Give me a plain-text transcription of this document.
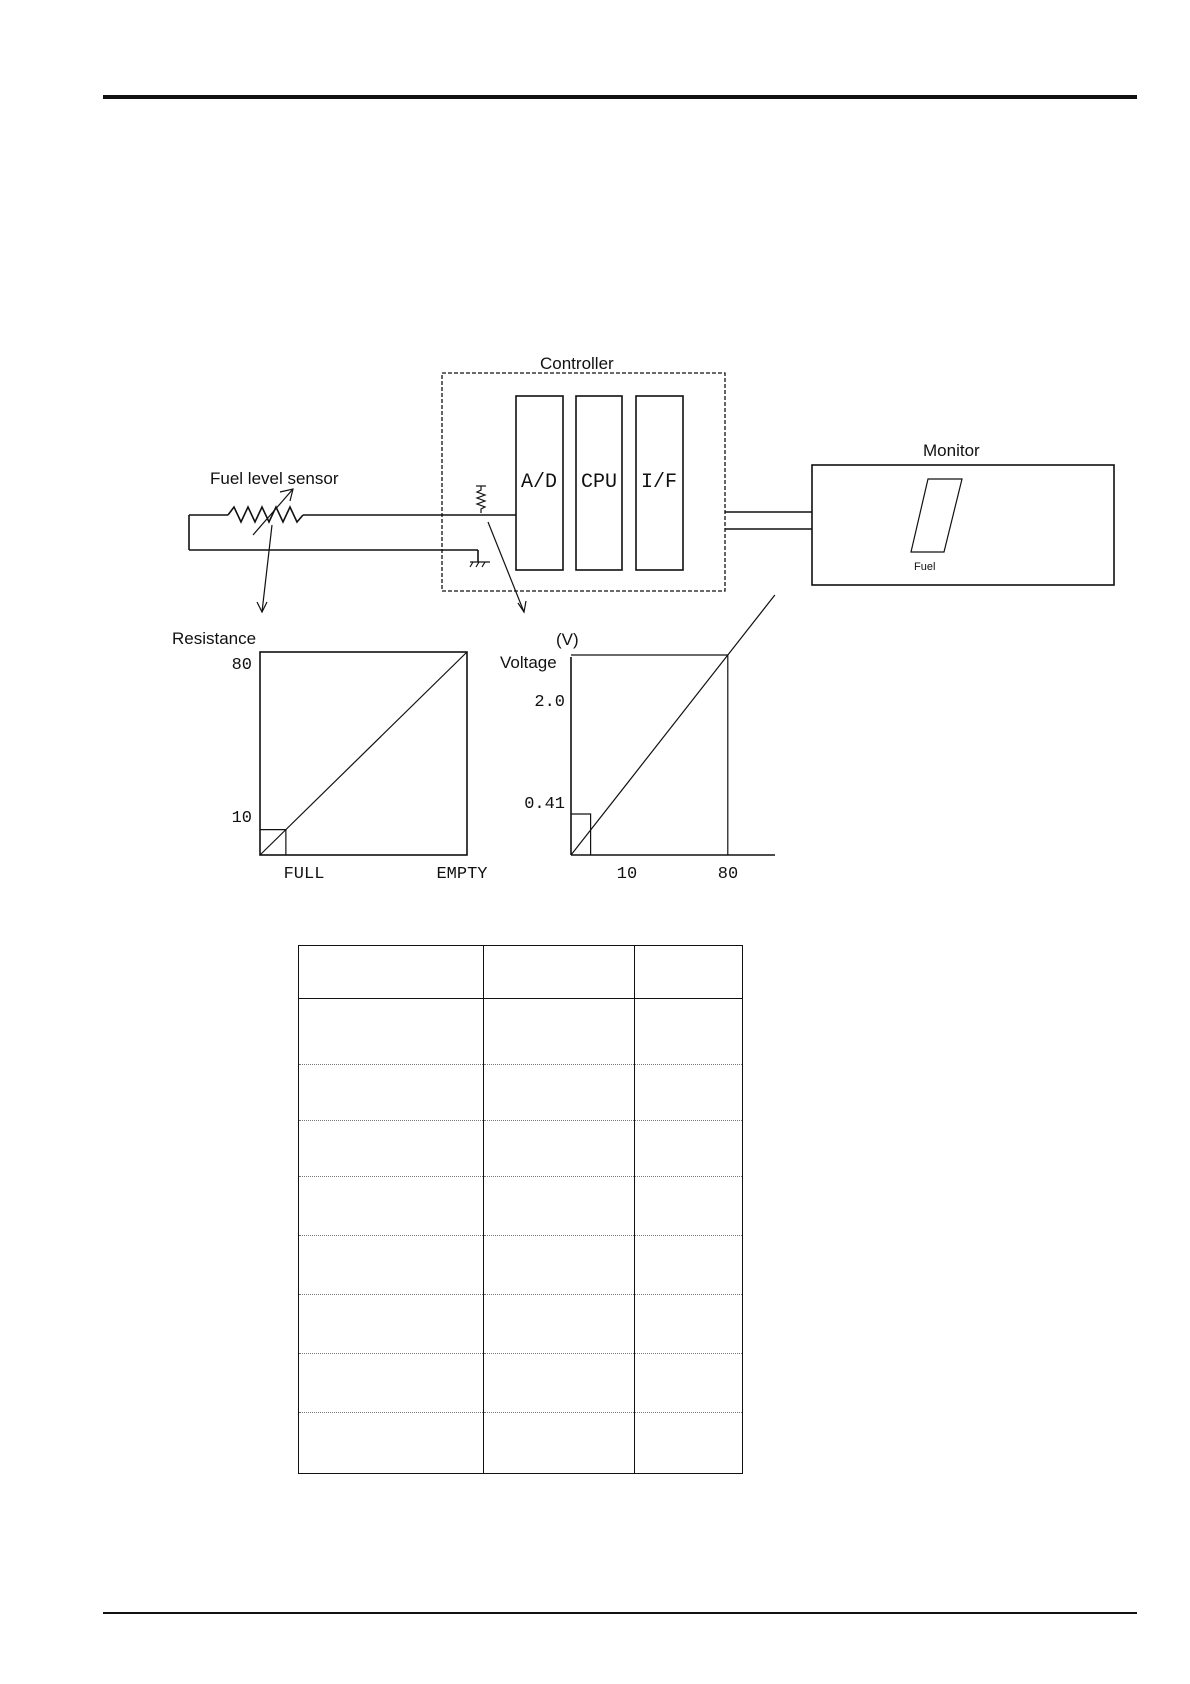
Controller
A/D CPU I/F
Fuel level sensor
Monitor
Fuel
Resistance
80
10
FULL	EMPTY
(V)
Voltage
2.0
0.41
10	80
